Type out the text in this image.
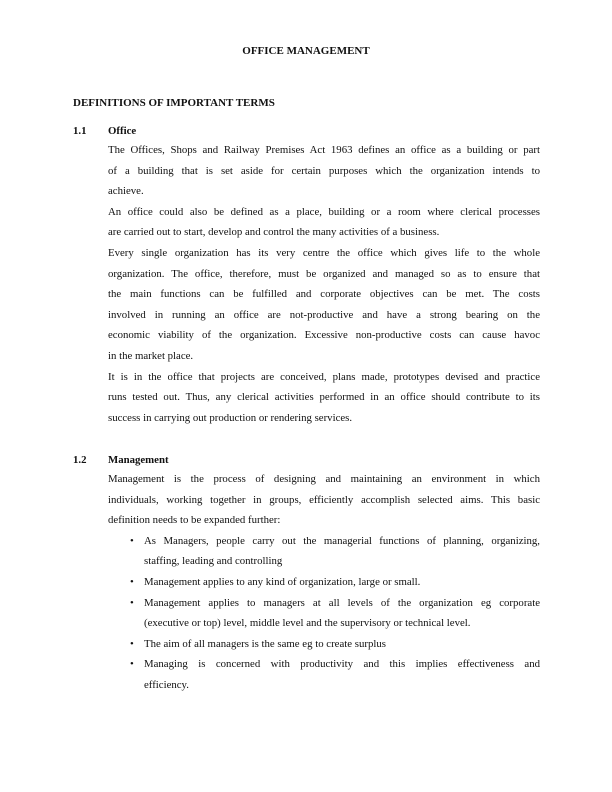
OFFICE MANAGEMENT
DEFINITIONS OF IMPORTANT TERMS
1.1 Office
The Offices, Shops and Railway Premises Act 1963 defines an office as a building or part
of a building that is set aside for certain purposes which the organization intends to
achieve.
An office could also be defined as a place, building or a room where clerical processes
are carried out to start, develop and control the many activities of a business.
Every single organization has its very centre the office which gives life to the whole
organization. The office, therefore, must be organized and managed so as to ensure that
the main functions can be fulfilled and corporate objectives can be met. The costs
involved in running an office are not-productive and have a strong bearing on the
economic viability of the organization. Excessive non-productive costs can cause havoc
in the market place.
It is in the office that projects are conceived, plans made, prototypes devised and practice
runs tested out. Thus, any clerical activities performed in an office should contribute to its
success in carrying out production or rendering services.
1.2 Management
Management is the process of designing and maintaining an environment in which
individuals, working together in groups, efficiently accomplish selected aims. This basic
definition needs to be expanded further:
• As Managers, people carry out the managerial functions of planning, organizing,
staffing, leading and controlling
• Management applies to any kind of organization, large or small.
• Management applies to managers at all levels of the organization eg corporate
(executive or top) level, middle level and the supervisory or technical level.
• The aim of all managers is the same eg to create surplus
• Managing is concerned with productivity and this implies effectiveness and
efficiency.
